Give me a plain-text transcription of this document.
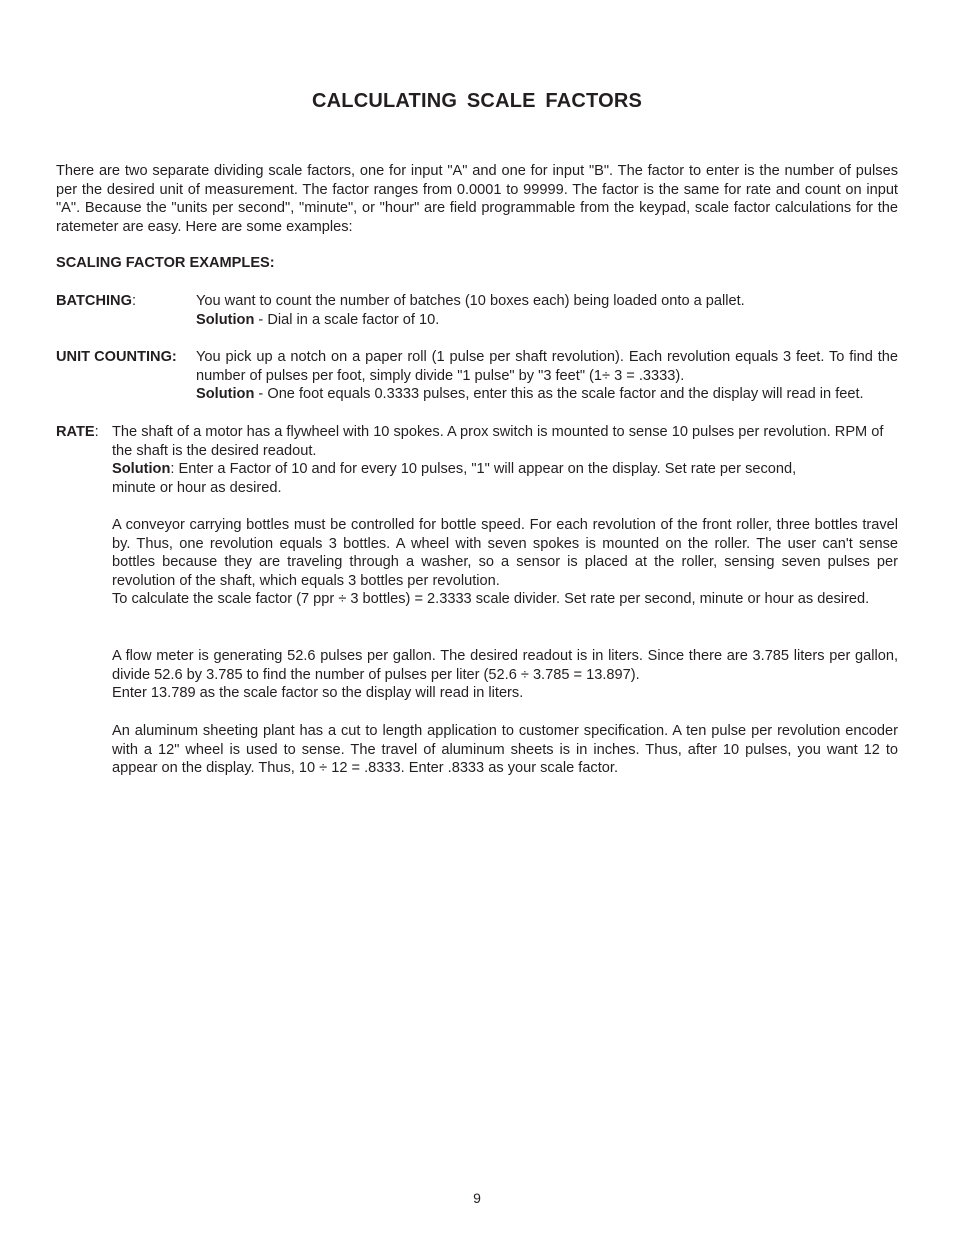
CALCULATING SCALE FACTORS

There are two separate dividing scale factors, one for input "A" and one for input "B". The factor to enter is the number of pulses per the desired unit of measurement. The factor ranges from 0.0001 to 99999. The factor is the same for rate and count on input "A". Because the "units per second", "minute", or "hour" are field programmable from the keypad, scale factor calculations for the ratemeter are easy. Here are some examples:

SCALING FACTOR EXAMPLES:

BATCHING:	You want to count the number of batches (10 boxes each) being loaded onto a pallet.

Solution - Dial in a scale factor of 10.

UNIT COUNTING: You pick up a notch on a paper roll (1 pulse per shaft revolution). Each revolution equals 3 feet. To find the number of pulses per foot, simply divide "1 pulse" by "3 feet" (1÷ 3 = .3333).

Solution - One foot equals 0.3333 pulses, enter this as the scale factor and the display will read in feet.

RATE: The shaft of a motor has a flywheel with 10 spokes. A prox switch is mounted to sense 10 pulses per revolution. RPM of the shaft is the desired readout.

Solution: Enter a Factor of 10 and for every 10 pulses, "1" will appear on the display. Set rate per second, minute or hour as desired.

A conveyor carrying bottles must be controlled for bottle speed. For each revolution of the front roller, three bottles travel by. Thus, one revolution equals 3 bottles. A wheel with seven spokes is mounted on the roller. The user can't sense bottles because they are traveling through a washer, so a sensor is placed at the roller, sensing seven pulses per revolution of the shaft, which equals 3 bottles per revolution.

To calculate the scale factor (7 ppr ÷ 3 bottles) = 2.3333 scale divider. Set rate per second, minute or hour as desired.

A flow meter is generating 52.6 pulses per gallon. The desired readout is in liters. Since there are 3.785 liters per gallon, divide 52.6 by 3.785 to find the number of pulses per liter (52.6 ÷ 3.785 = 13.897).

Enter 13.789 as the scale factor so the display will read in liters.

An aluminum sheeting plant has a cut to length application to customer specification. A ten pulse per revolution encoder with a 12" wheel is used to sense. The travel of aluminum sheets is in inches. Thus, after 10 pulses, you want 12 to appear on the display. Thus, 10 ÷ 12 = .8333. Enter .8333 as your scale factor.

9
